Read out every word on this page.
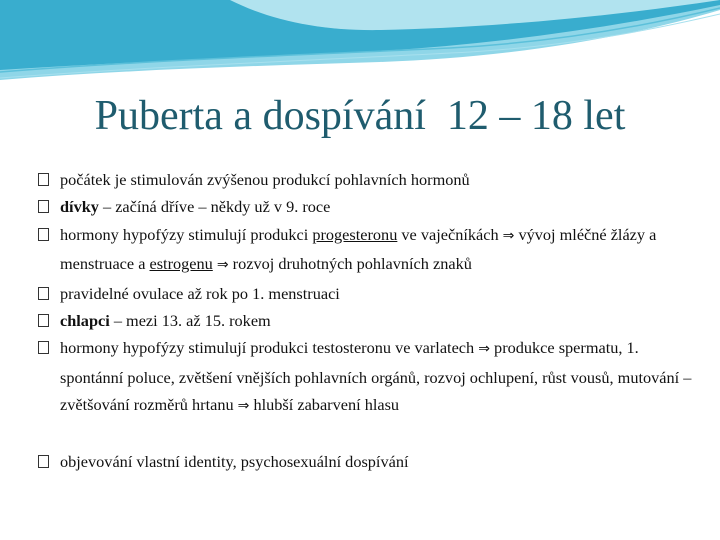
Puberta a dospívání  12 – 18 let
počátek je stimulován zvýšenou produkcí pohlavních hormonů
dívky – začíná dříve – někdy už v 9. roce
hormony hypofýzy stimulují produkci progesteronu ve vaječníkách ⇒ vývoj mléčné žlázy a menstruace a estrogenu ⇒ rozvoj druhotných pohlavních znaků
pravidelné ovulace až rok po 1. menstruaci
chlapci – mezi 13. až 15. rokem
hormony hypofýzy stimulují produkci testosteronu ve varlatech ⇒ produkce spermatu, 1. spontánní poluce, zvětšení vnějších pohlavních orgánů, rozvoj ochlupení, růst vousů, mutování – zvětšování rozměrů hrtanu ⇒ hlubší zabarvení hlasu
objevování vlastní identity, psychosexuální dospívání
